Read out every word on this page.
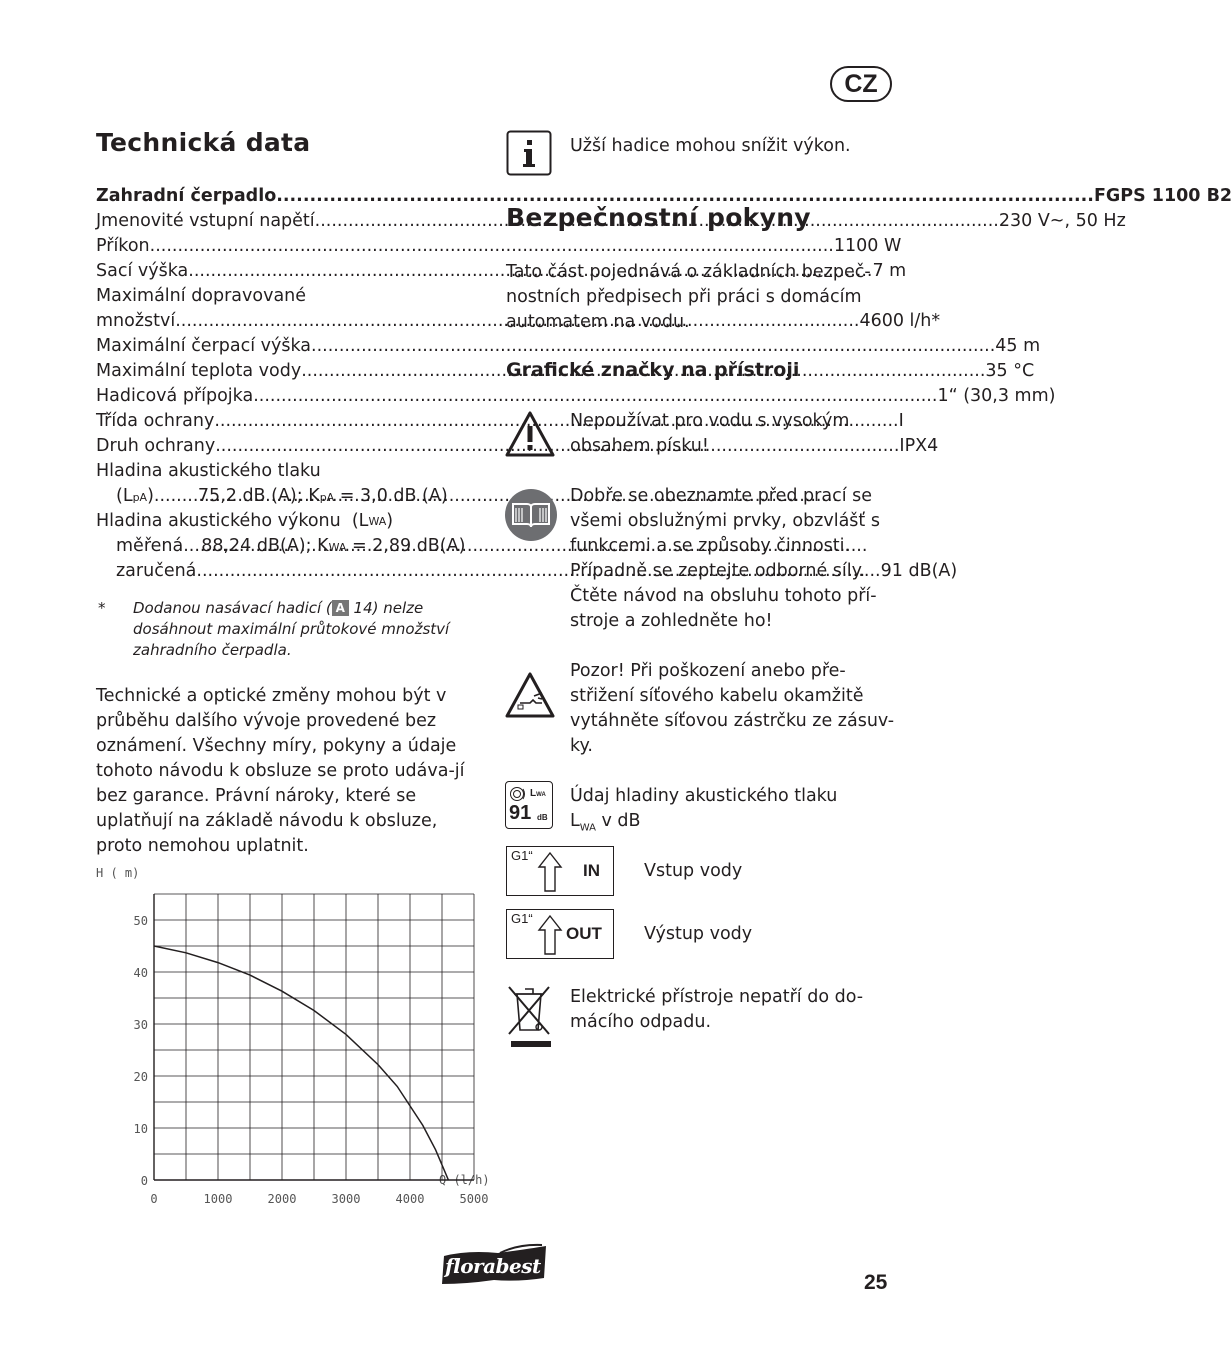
CZ
Technická data
Zahradní čerpadlo .....	FGPS 1100 B2
Jmenovité vstupní napětí .....	230 V~, 50 Hz
Příkon .....	1100 W
Sací výška .....	7 m
Maximální dopravované
množství .....	4600 l/h*
Maximální čerpací výška .....	45 m
Maximální teplota vody .....	35 °C
Hadicová přípojka .....	1“ (30,3 mm)
Třída ochrany .....	I
Druh ochrany .....	IPX4
Hladina akustického tlaku
(LpA) .....	75,2 dB (A); KpA = 3,0 dB (A)
Hladina akustického výkonu
(L WA )
měřená ..... 88,24 dB(A); KWA = 2,89 dB(A)
zaručená .....	91 dB(A)
* Dodanou nasávací hadicí ( A 14) nelze dosáhnout maximální průtokové množství zahradního čerpadla.
Technické a optické změny mohou být v průběhu dalšího vývoje provedené bez oznámení. Všechny míry, pokyny a údaje tohoto návodu k obsluze se proto udáva-jí bez garance. Právní nároky, které se uplatňují na základě návodu k obsluze, proto nemohou uplatnit.
H ( m)
Q (l/h)
0	1000	2000	3000	4000	5000
0
10
20
30
40
50
Užší hadice mohou snížit výkon.
Bezpečnostní pokyny
Tato část pojednává o základních bezpeč-nostních předpisech při práci s domácím automatem na vodu.
Grafické značky na přístroji
Nepoužívat pro vodu s vysokým obsahem písku!
Dobře se obeznamte před prací se všemi obslužnými prvky, obzvlášť s funkcemi a se způsoby činnosti. Případně se zeptejte odborné síly. Čtěte návod na obsluhu tohoto pří-stroje a zohledněte ho!
Pozor! Při poškození anebo pře-střižení síťového kabelu okamžitě vytáhněte síťovou zástrčku ze zásuv-ky.
LWA
91 dB
Údaj hladiny akustického tlaku
$L_{WA}$ v dB
G1“
IN	Vstup vody
G1“
OUT Výstup vody
Elektrické přístroje nepatří do do-mácího odpadu.
florabest
25
